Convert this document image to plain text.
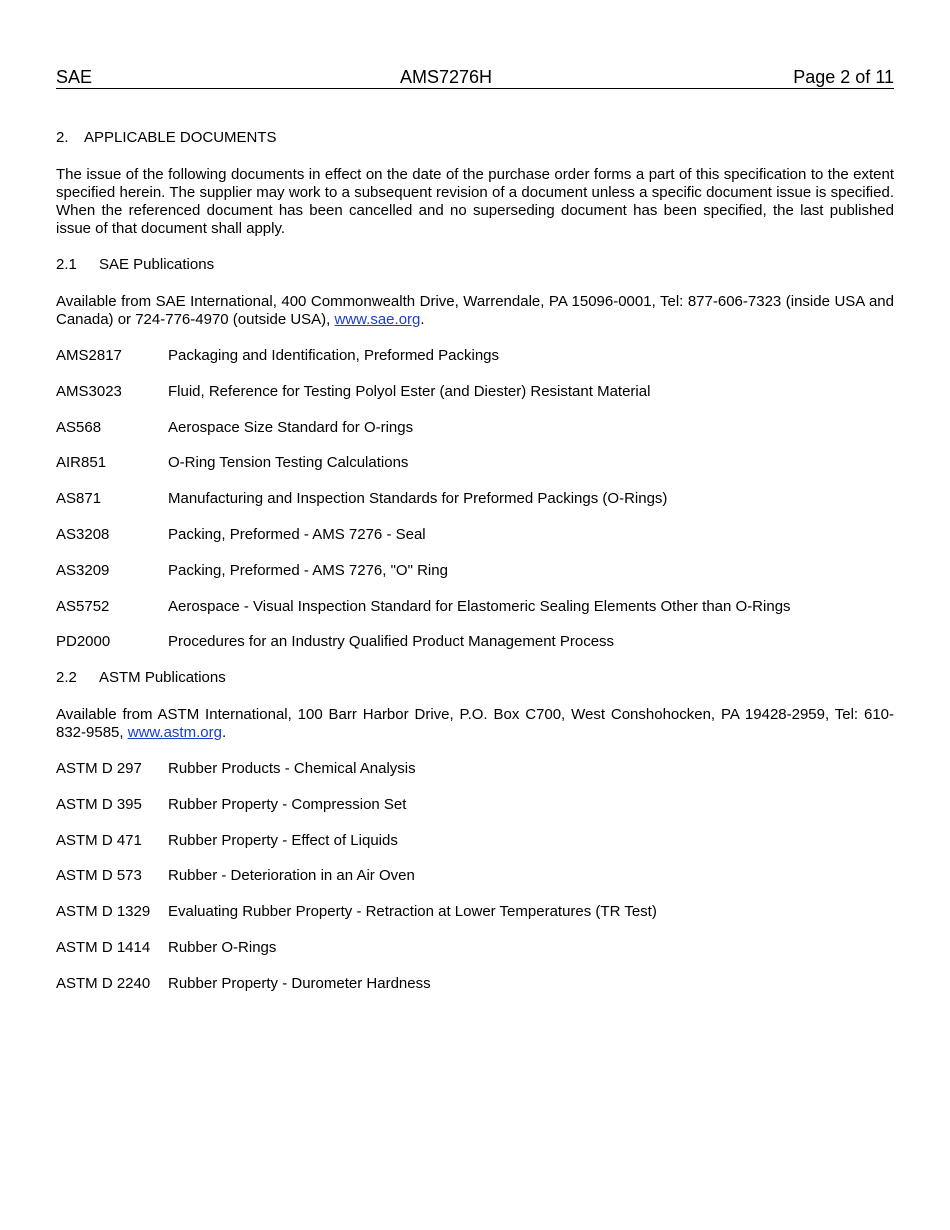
SAE	AMS7276H	Page 2 of 11
2. APPLICABLE DOCUMENTS
The issue of the following documents in effect on the date of the purchase order forms a part of this specification to the extent specified herein. The supplier may work to a subsequent revision of a document unless a specific document issue is specified. When the referenced document has been cancelled and no superseding document has been specified, the last published issue of that document shall apply.
2.1 SAE Publications
Available from SAE International, 400 Commonwealth Drive, Warrendale, PA 15096-0001, Tel: 877-606-7323 (inside USA and Canada) or 724-776-4970 (outside USA), www.sae.org.
AMS2817	Packaging and Identification, Preformed Packings
AMS3023	Fluid, Reference for Testing Polyol Ester (and Diester) Resistant Material
AS568	Aerospace Size Standard for O-rings
AIR851	O-Ring Tension Testing Calculations
AS871	Manufacturing and Inspection Standards for Preformed Packings (O-Rings)
AS3208	Packing, Preformed - AMS 7276 - Seal
AS3209	Packing, Preformed - AMS 7276, "O" Ring
AS5752	Aerospace - Visual Inspection Standard for Elastomeric Sealing Elements Other than O-Rings
PD2000	Procedures for an Industry Qualified Product Management Process
2.2 ASTM Publications
Available from ASTM International, 100 Barr Harbor Drive, P.O. Box C700, West Conshohocken, PA 19428-2959, Tel: 610-832-9585, www.astm.org.
ASTM D 297 Rubber Products - Chemical Analysis
ASTM D 395 Rubber Property - Compression Set
ASTM D 471 Rubber Property - Effect of Liquids
ASTM D 573 Rubber - Deterioration in an Air Oven
ASTM D 1329 Evaluating Rubber Property - Retraction at Lower Temperatures (TR Test)
ASTM D 1414 Rubber O-Rings
ASTM D 2240 Rubber Property - Durometer Hardness
